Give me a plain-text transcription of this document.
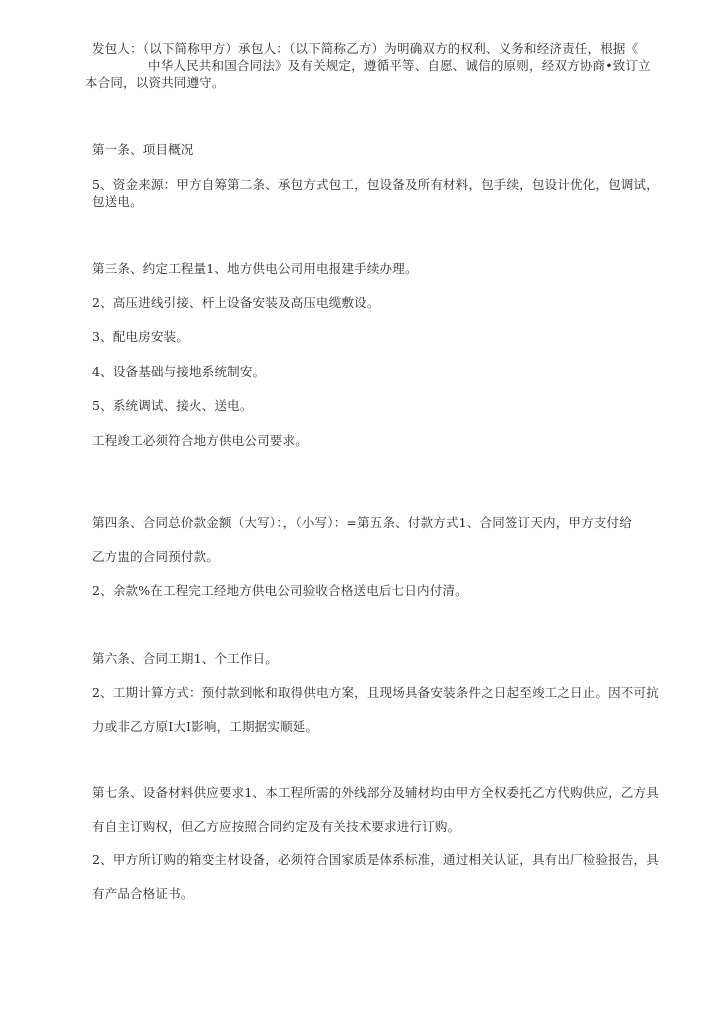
发包人：（以下简称甲方）承包人：（以下简称乙方）为明确双方的权利、义务和经济责任，根据《
中华人民共和国合同法》及有关规定，遵循平等、自愿、诚信的原则，经双方协商•致订立
本合同，以资共同遵守。
第一条、项目概况
5、资金来源：甲方自筹第二条、承包方式包工，包设备及所有材料，包手续，包设计优化，包调试，
包送电。
第三条、约定工程量1、地方供电公司用电报建手续办理。
2、高压进线引接、杆上设备安装及高压电缆敷设。
3、配电房安装。
4、设备基础与接地系统制安。
5、系统调试、接火、送电。
工程竣工必须符合地方供电公司要求。
第四条、合同总价款金额（大写）：，（小写）：=第五条、付款方式1、合同签订天内，甲方支付给
乙方盅的合同预付款。
2、余款%在工程完工经地方供电公司验收合格送电后七日内付清。
第六条、合同工期1、个工作日。
2、工期计算方式：预付款到帐和取得供电方案，且现场具备安装条件之日起至竣工之日止。因不可抗
力或非乙方原I大I影响，工期据实顺延。
第七条、设备材料供应要求1、本工程所需的外线部分及辅材均由甲方全权委托乙方代购供应，乙方具
有自主订购权，但乙方应按照合同约定及有关技术要求进行订购。
2、甲方所订购的箱变主材设备，必须符合国家质是体系标准，通过相关认证，具有出厂检验报告，具
有产品合格证书。
